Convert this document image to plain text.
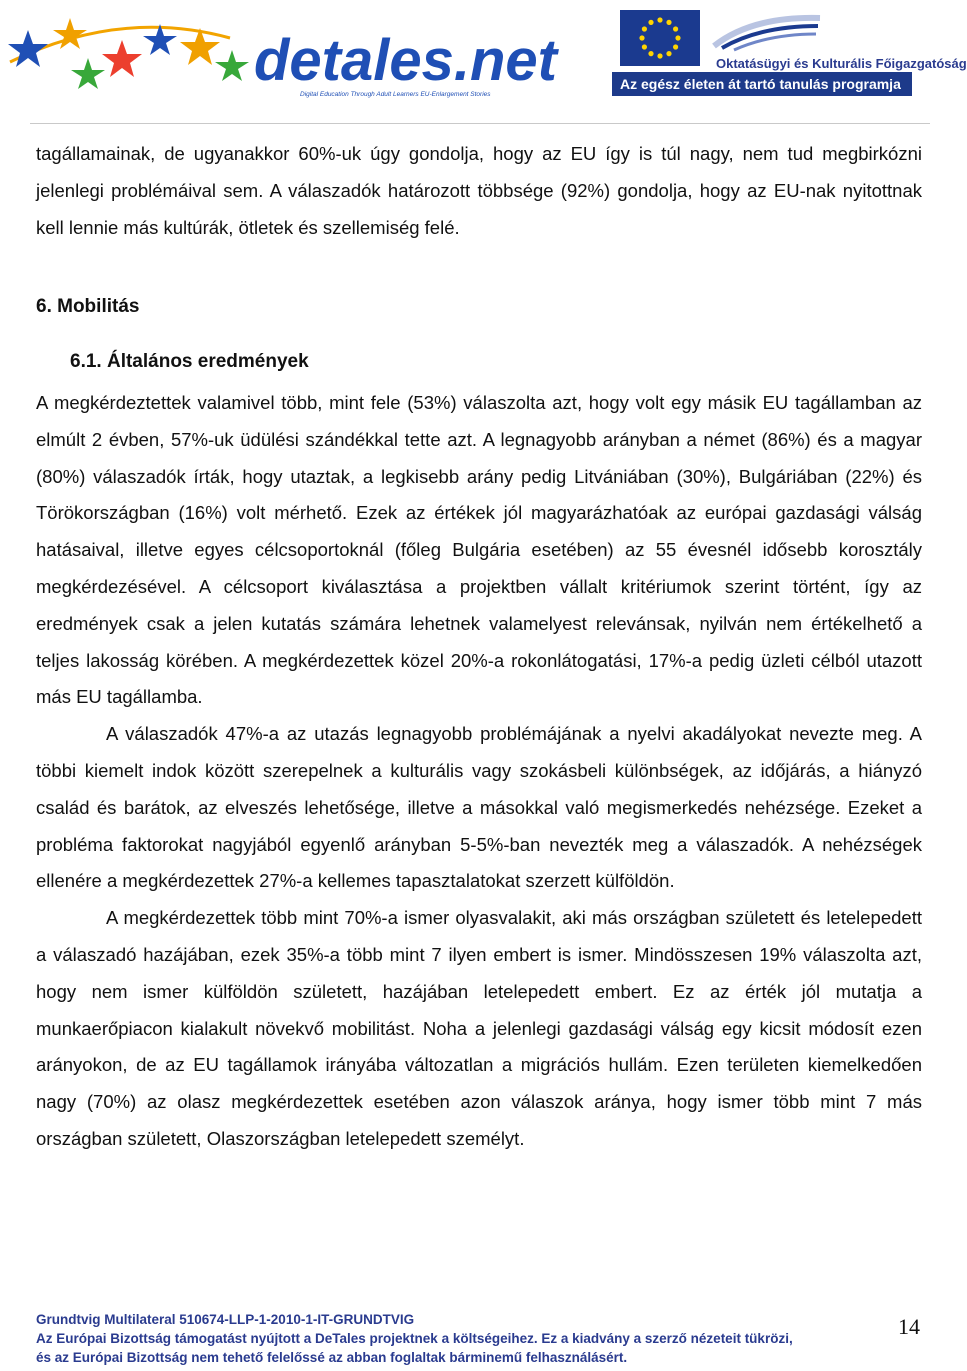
detales.net
Digital Education Through Adult Learners EU-Enlargement Stories
Oktatásügyi és Kulturális Főigazgatóság
Az egész életen át tartó tanulás programja

tagállamainak, de ugyanakkor 60%-uk úgy gondolja, hogy az EU így is túl nagy, nem tud megbirkózni jelenlegi problémáival sem. A válaszadók határozott többsége (92%) gondolja, hogy az EU-nak nyitottnak kell lennie más kultúrák, ötletek és szellemiség felé.

6. Mobilitás

6.1. Általános eredmények

A megkérdeztettek valamivel több, mint fele (53%) válaszolta azt, hogy volt egy másik EU tagállamban az elmúlt 2 évben, 57%-uk üdülési szándékkal tette azt. A legnagyobb arányban a német (86%) és a magyar (80%) válaszadók írták, hogy utaztak, a legkisebb arány pedig Litvániában (30%), Bulgáriában (22%) és Törökországban (16%) volt mérhető. Ezek az értékek jól magyarázhatóak az európai gazdasági válság hatásaival, illetve egyes célcsoportoknál (főleg Bulgária esetében) az 55 évesnél idősebb korosztály megkérdezésével. A célcsoport kiválasztása a projektben vállalt kritériumok szerint történt, így az eredmények csak a jelen kutatás számára lehetnek valamelyest relevánsak, nyilván nem értékelhető a teljes lakosság körében. A megkérdezettek közel 20%-a rokonlátogatási, 17%-a pedig üzleti célból utazott más EU tagállamba.

A válaszadók 47%-a az utazás legnagyobb problémájának a nyelvi akadályokat nevezte meg. A többi kiemelt indok között szerepelnek a kulturális vagy szokásbeli különbségek, az időjárás, a hiányzó család és barátok, az elveszés lehetősége, illetve a másokkal való megismerkedés nehézsége. Ezeket a probléma faktorokat nagyjából egyenlő arányban 5-5%-ban nevezték meg a válaszadók. A nehézségek ellenére a megkérdezettek 27%-a kellemes tapasztalatokat szerzett külföldön.

A megkérdezettek több mint 70%-a ismer olyasvalakit, aki más országban született és letelepedett a válaszadó hazájában, ezek 35%-a több mint 7 ilyen embert is ismer. Mindösszesen 19% válaszolta azt, hogy nem ismer külföldön született, hazájában letelepedett embert. Ez az érték jól mutatja a munkaerőpiacon kialakult növekvő mobilitást. Noha a jelenlegi gazdasági válság egy kicsit módosít ezen arányokon, de az EU tagállamok irányába változatlan a migrációs hullám. Ezen területen kiemelkedően nagy (70%) az olasz megkérdezettek esetében azon válaszok aránya, hogy ismer több mint 7 más országban született, Olaszországban letelepedett személyt.

Grundtvig Multilateral 510674-LLP-1-2010-1-IT-GRUNDTVIG
Az Európai Bizottság támogatást nyújtott a DeTales projektnek a költségeihez. Ez a kiadvány a szerző nézeteit tükrözi,
és az Európai Bizottság nem tehető felelőssé az abban foglaltak bárminemű felhasználásért.
14
